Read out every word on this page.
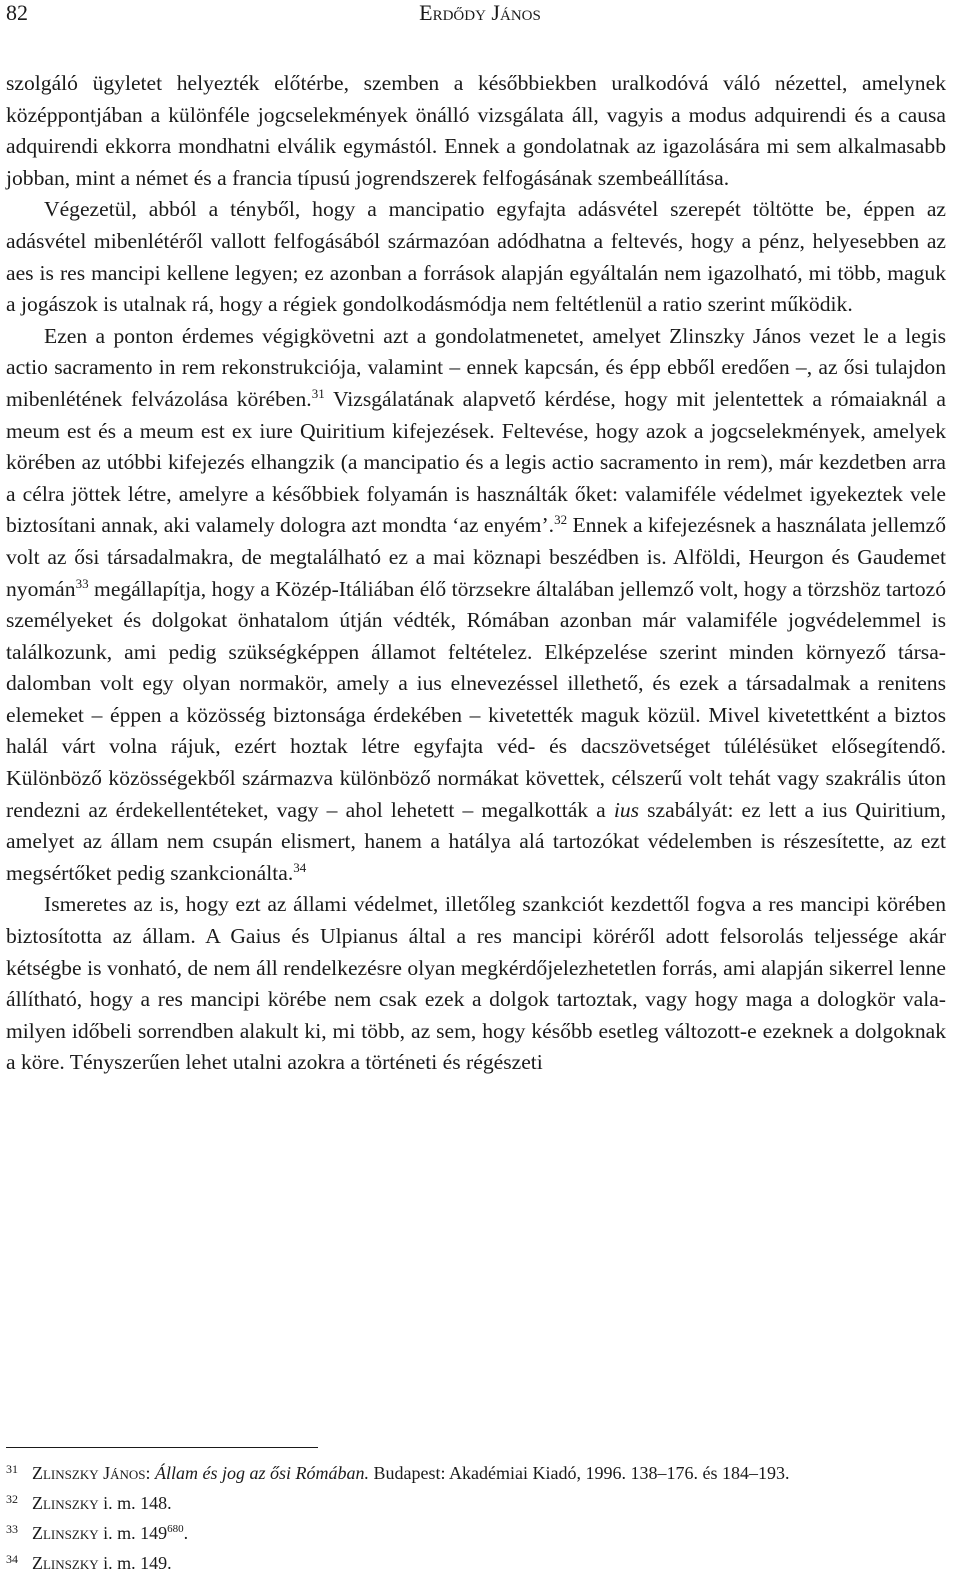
82	Erdődy János

szolgáló ügyletet helyezték előtérbe, szemben a későbbiekben uralkodóvá váló nézettel, amelynek középpontjában a különféle jogcselekmények önálló vizsgálata áll, vagyis a modus adquirendi és a causa adquirendi ekkorra mondhatni elválik egymástól. Ennek a gondolatnak az igazolására mi sem alkalmasabb jobban, mint a német és a francia típusú jogrendszerek felfogásának szembeállítása.

Végezetül, abból a tényből, hogy a mancipatio egyfajta adásvétel szerepét töltötte be, éppen az adásvétel mibenlétéről vallott felfogásából származóan adódhatna a feltevés, hogy a pénz, helyesebben az aes is res mancipi kellene legyen; ez azonban a források alapján egyáltalán nem igazolható, mi több, maguk a jogászok is utalnak rá, hogy a régiek gondolkodásmódja nem feltétlenül a ratio szerint működik.

Ezen a ponton érdemes végigkövetni azt a gondolatmenetet, amelyet Zlinszky János vezet le a legis actio sacramento in rem rekonstrukciója, valamint – ennek kapcsán, és épp ebből eredően –, az ősi tulajdon mibenlétének felvázolása körében.$^{31}$ Vizsgálatának alapvető kérdése, hogy mit jelentettek a rómaiaknál a meum est és a meum est ex iure Quiritium kifejezések. Feltevése, hogy azok a jogcselekmények, amelyek körében az utóbbi kifejezés elhangzik (a mancipatio és a legis actio sacramento in rem), már kezdetben arra a célra jöttek létre, amelyre a későbbiek folyamán is használták őket: valamiféle védelmet igyekeztek vele biztosítani annak, aki valamely dologra azt mondta ‘az enyém’.$^{32}$ Ennek a kifejezésnek a használata jellemző volt az ősi társadalmakra, de megtalálható ez a mai köznapi beszédben is. Alföldi, Heurgon és Gaudemet nyomán$^{33}$ megállapítja, hogy a Közép-Itáliában élő törzsekre általában jellemző volt, hogy a törzshöz tartozó személyeket és dolgokat önhatalom útján védték, Rómában azonban már valamiféle jogvédelemmel is találkozunk, ami pedig szükségképpen államot feltételez. Elképzelése szerint minden környező társadalomban volt egy olyan normakör, amely a ius elnevezéssel illethető, és ezek a társadalmak a renitens elemeket – éppen a közösség biztonsága érdekében – kivetették maguk közül. Mivel kivetettként a biztos halál várt volna rájuk, ezért hoztak létre egyfajta véd- és dacszövetséget túlélésüket elősegítendő. Különböző közösségekből származva különböző normákat követtek, célszerű volt tehát vagy szakrális úton rendezni az érdekellentéteket, vagy – ahol lehetett – megalkották a ius szabályát: ez lett a ius Quiritium, amelyet az állam nem csupán elismert, hanem a hatálya alá tartozókat védelemben is részesítette, az ezt megsértőket pedig szankcionálta.$^{34}$

Ismeretes az is, hogy ezt az állami védelmet, illetőleg szankciót kezdettől fogva a res mancipi körében biztosította az állam. A Gaius és Ulpianus által a res mancipi köréről adott felsorolás teljessége akár kétségbe is vonható, de nem áll rendelkezésre olyan megkérdőjelezhetetlen forrás, ami alapján sikerrel lenne állítható, hogy a res mancipi körébe nem csak ezek a dolgok tartoztak, vagy hogy maga a dologkör valamilyen időbeli sorrendben alakult ki, mi több, az sem, hogy később esetleg változott-e ezeknek a dolgoknak a köre. Tényszerűen lehet utalni azokra a történeti és régészeti

31 Zlinszky János: Állam és jog az ősi Rómában. Budapest: Akadémiai Kiadó, 1996. 138–176. és 184–193.
32 Zlinszky i. m. 148.
33 Zlinszky i. m. $149^{680}$.
34 Zlinszky i. m. 149.
